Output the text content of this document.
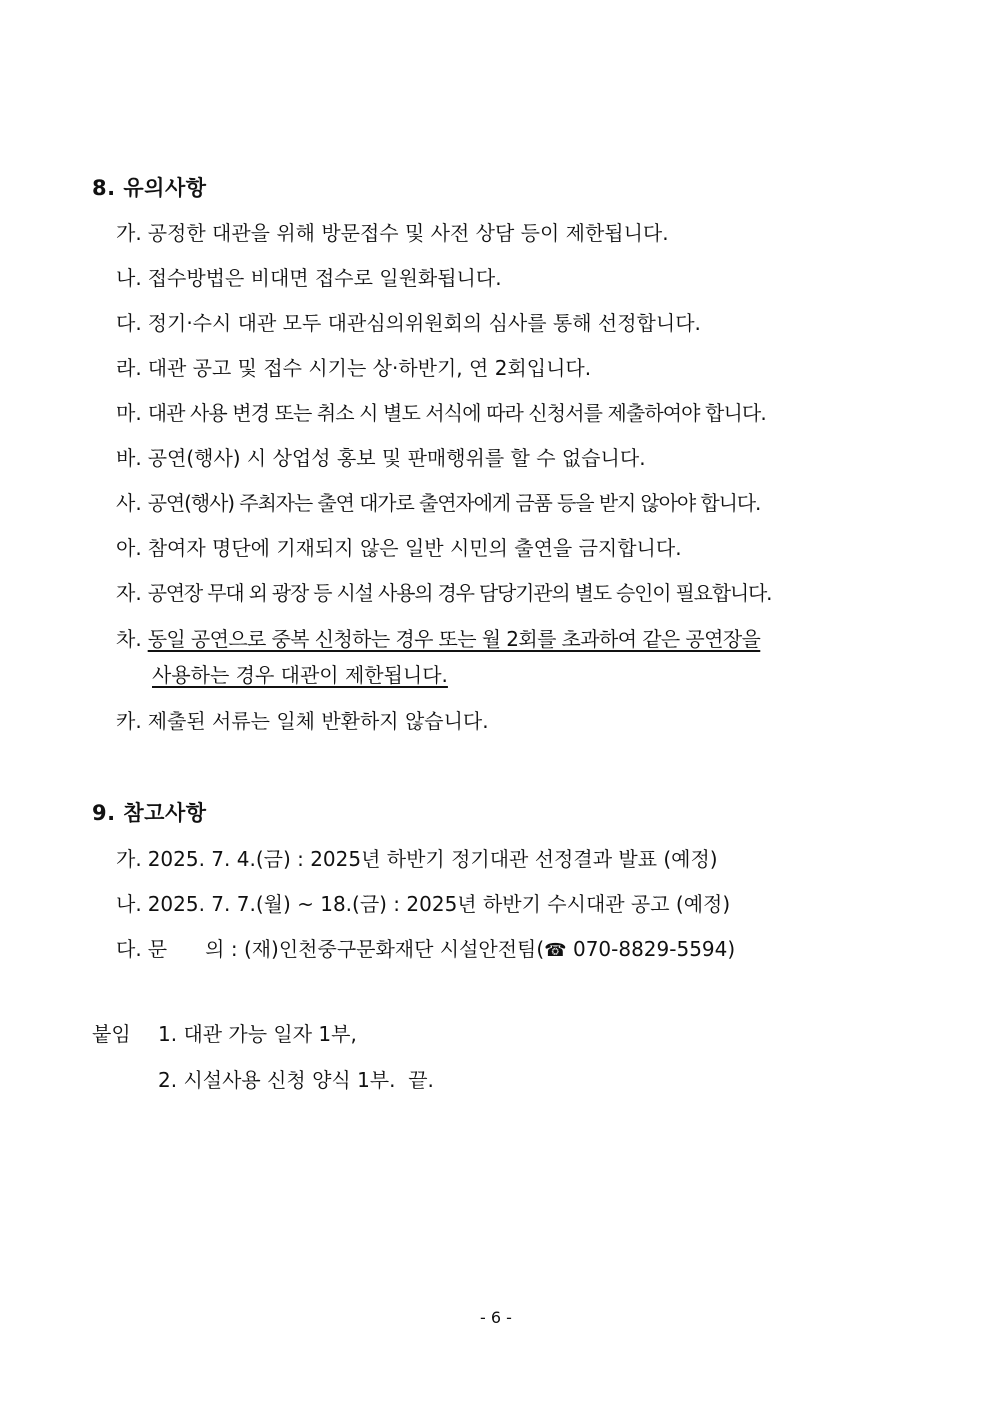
8. 유의사항
가. 공정한 대관을 위해 방문접수 및 사전 상담 등이 제한됩니다.
나. 접수방법은 비대면 접수로 일원화됩니다.
다. 정기·수시 대관 모두 대관심의위원회의 심사를 통해 선정합니다.
라. 대관 공고 및 접수 시기는 상·하반기, 연 2회입니다.
마. 대관 사용 변경 또는 취소 시 별도 서식에 따라 신청서를 제출하여야 합니다.
바. 공연(행사) 시 상업성 홍보 및 판매행위를 할 수 없습니다.
사. 공연(행사) 주최자는 출연 대가로 출연자에게 금품 등을 받지 않아야 합니다.
아. 참여자 명단에 기재되지 않은 일반 시민의 출연을 금지합니다.
자. 공연장 무대 외 광장 등 시설 사용의 경우 담당기관의 별도 승인이 필요합니다.
차. 동일 공연으로 중복 신청하는 경우 또는 월 2회를 초과하여 같은 공연장을
사용하는 경우 대관이 제한됩니다.
카. 제출된 서류는 일체 반환하지 않습니다.
9. 참고사항
가. 2025. 7. 4.(금) : 2025년 하반기 정기대관 선정결과 발표 (예정)
나. 2025. 7. 7.(월) ~ 18.(금) : 2025년 하반기 수시대관 공고 (예정)
다. 문      의 : (재)인천중구문화재단 시설안전팀(☎ 070-8829-5594)
붙임 1. 대관 가능 일자 1부,
2. 시설사용 신청 양식 1부.  끝.
- 6 -
